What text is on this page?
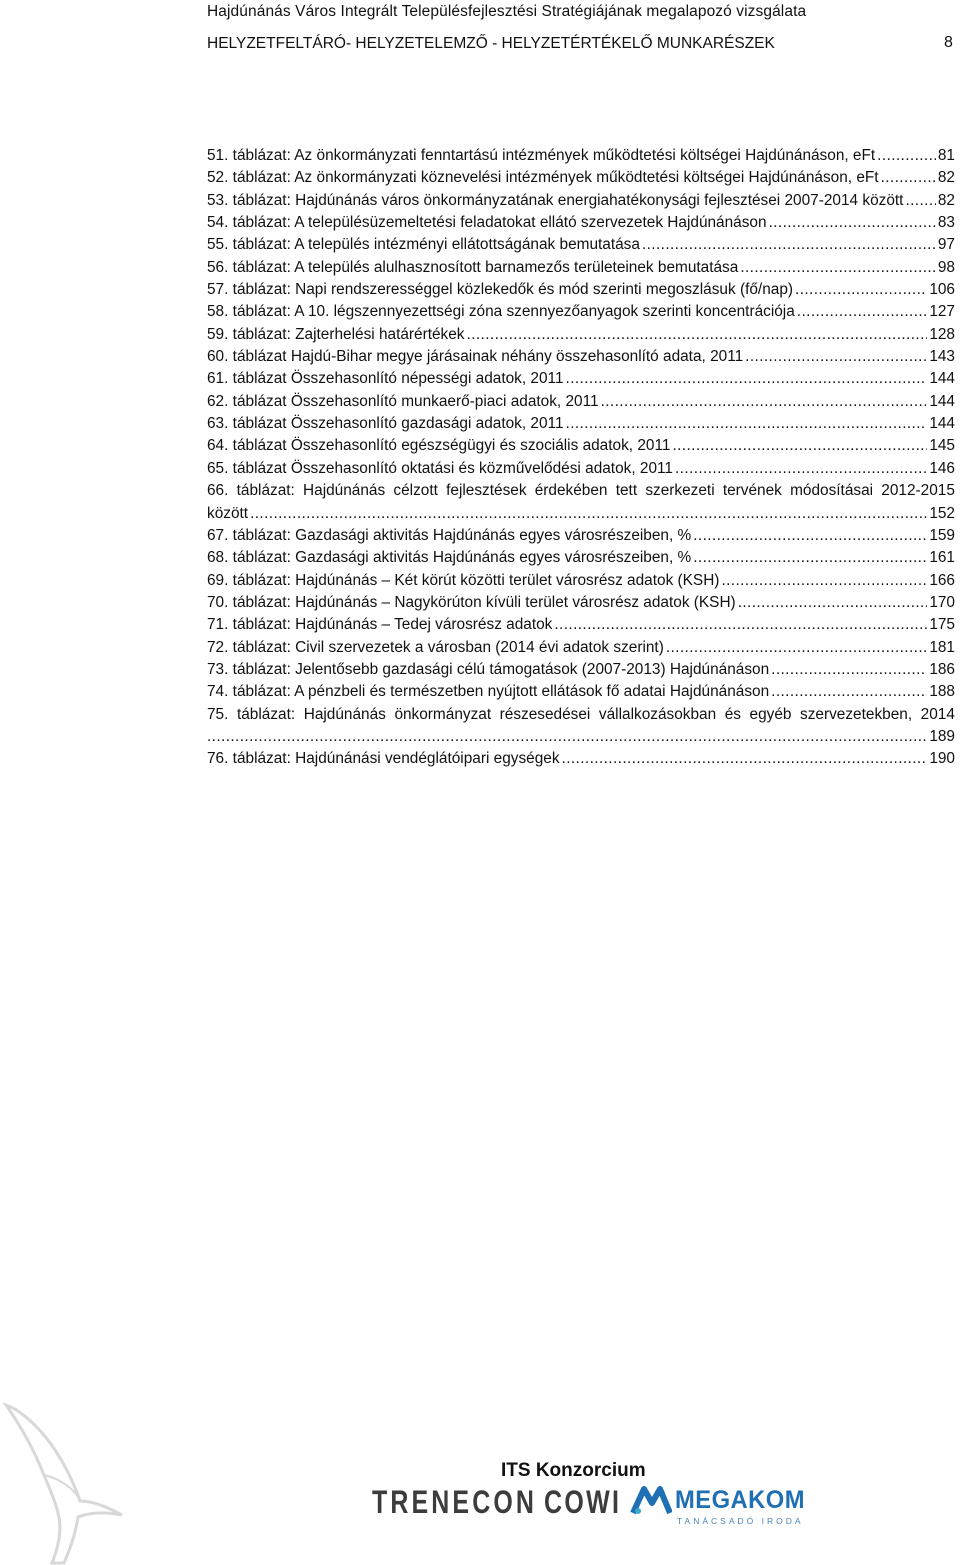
Hajdúnánás Város Integrált Településfejlesztési Stratégiájának megalapozó vizsgálata
HELYZETFELTÁRÓ- HELYZETELEMZŐ - HELYZETÉRTÉKELŐ MUNKARÉSZEK	8
51. táblázat: Az önkormányzati fenntartású intézmények működtetési költségei Hajdúnánáson, eFt .....	81
52. táblázat: Az önkormányzati köznevelési intézmények működtetési költségei Hajdúnánáson, eFt .....	82
53. táblázat: Hajdúnánás város önkormányzatának energiahatékonysági fejlesztései 2007-2014 között ..... 82
54. táblázat: A településüzemeltetési feladatokat ellátó szervezetek Hajdúnánáson .....	83
55. táblázat: A település intézményi ellátottságának bemutatása .....	97
56. táblázat: A település alulhasznosított barnamezős területeinek bemutatása .....	98
57. táblázat: Napi rendszerességgel közlekedők és mód szerinti megoszlásuk (fő/nap) .....	106
58. táblázat: A 10. légszennyezettségi zóna szennyezőanyagok szerinti koncentrációja .....	127
59. táblázat: Zajterhelési határértékek .....	128
60. táblázat Hajdú-Bihar megye járásainak néhány összehasonlító adata, 2011 .....	143
61. táblázat Összehasonlító népességi adatok, 2011 .....	144
62. táblázat Összehasonlító munkaerő-piaci adatok, 2011 .....	144
63. táblázat Összehasonlító gazdasági adatok, 2011 .....	144
64. táblázat Összehasonlító egészségügyi és szociális adatok, 2011 .....	145
65. táblázat Összehasonlító oktatási és közművelődési adatok, 2011 .....	146
66. táblázat: Hajdúnánás célzott fejlesztések érdekében tett szerkezeti tervének módosításai 2012-2015
között .....	152
67. táblázat: Gazdasági aktivitás Hajdúnánás egyes városrészeiben, % .....	159
68. táblázat: Gazdasági aktivitás Hajdúnánás egyes városrészeiben, % .....	161
69. táblázat: Hajdúnánás – Két körút közötti terület városrész adatok (KSH) .....	166
70. táblázat: Hajdúnánás – Nagykörúton kívüli terület városrész adatok (KSH) .....	170
71. táblázat: Hajdúnánás – Tedej városrész adatok .....	175
72. táblázat: Civil szervezetek a városban (2014 évi adatok szerint) .....	181
73. táblázat: Jelentősebb gazdasági célú támogatások (2007-2013) Hajdúnánáson .....	186
74. táblázat: A pénzbeli és természetben nyújtott ellátások fő adatai Hajdúnánáson .....	188
75. táblázat: Hajdúnánás önkormányzat részesedései vállalkozásokban és egyéb szervezetekben, 2014
.....
189
76. táblázat: Hajdúnánási vendéglátóipari egységek .....	190
ITS Konzorcium
TRENECON COWI MEGAKOM
TANÁCSADÓ IRODA
